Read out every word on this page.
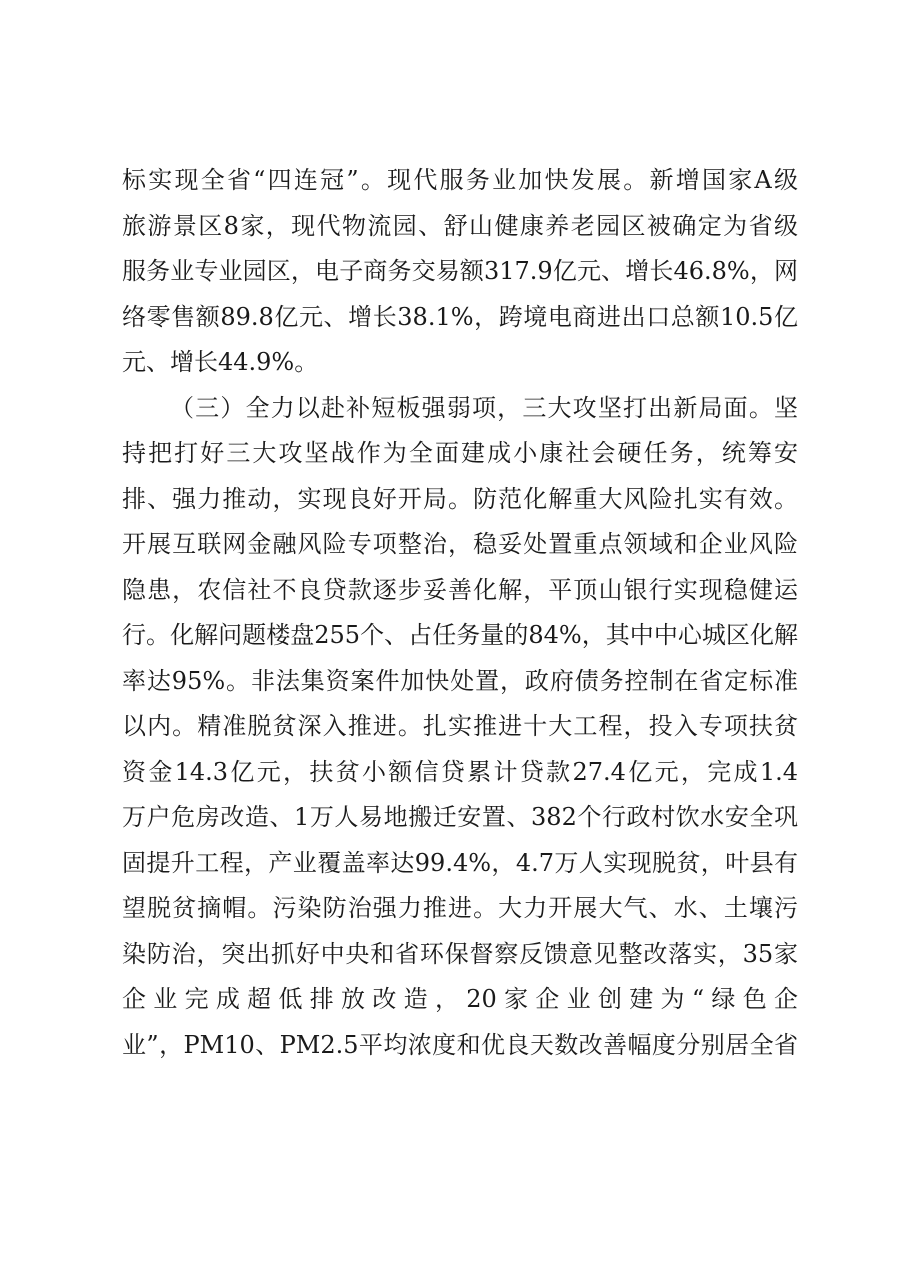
标实现全省“四连冠”。现代服务业加快发展。新增国家A级
旅游景区8家，现代物流园、舒山健康养老园区被确定为省级
服务业专业园区，电子商务交易额317.9亿元、增长46.8%，网
络零售额89.8亿元、增长38.1%，跨境电商进出口总额10.5亿
元、增长44.9%。
（三）全力以赴补短板强弱项，三大攻坚打出新局面。坚
持把打好三大攻坚战作为全面建成小康社会硬任务，统筹安
排、强力推动，实现良好开局。防范化解重大风险扎实有效。
开展互联网金融风险专项整治，稳妥处置重点领域和企业风险
隐患，农信社不良贷款逐步妥善化解，平顶山银行实现稳健运
行。化解问题楼盘255个、占任务量的84%，其中中心城区化解
率达95%。非法集资案件加快处置，政府债务控制在省定标准
以内。精准脱贫深入推进。扎实推进十大工程，投入专项扶贫
资金14.3亿元，扶贫小额信贷累计贷款27.4亿元，完成1.4
万户危房改造、1万人易地搬迁安置、382个行政村饮水安全巩
固提升工程，产业覆盖率达99.4%，4.7万人实现脱贫，叶县有
望脱贫摘帽。污染防治强力推进。大力开展大气、水、土壤污
染防治，突出抓好中央和省环保督察反馈意见整改落实，35家
企业完成超低排放改造，20家企业创建为“绿色企
业”，PM10、PM2.5平均浓度和优良天数改善幅度分别居全省
